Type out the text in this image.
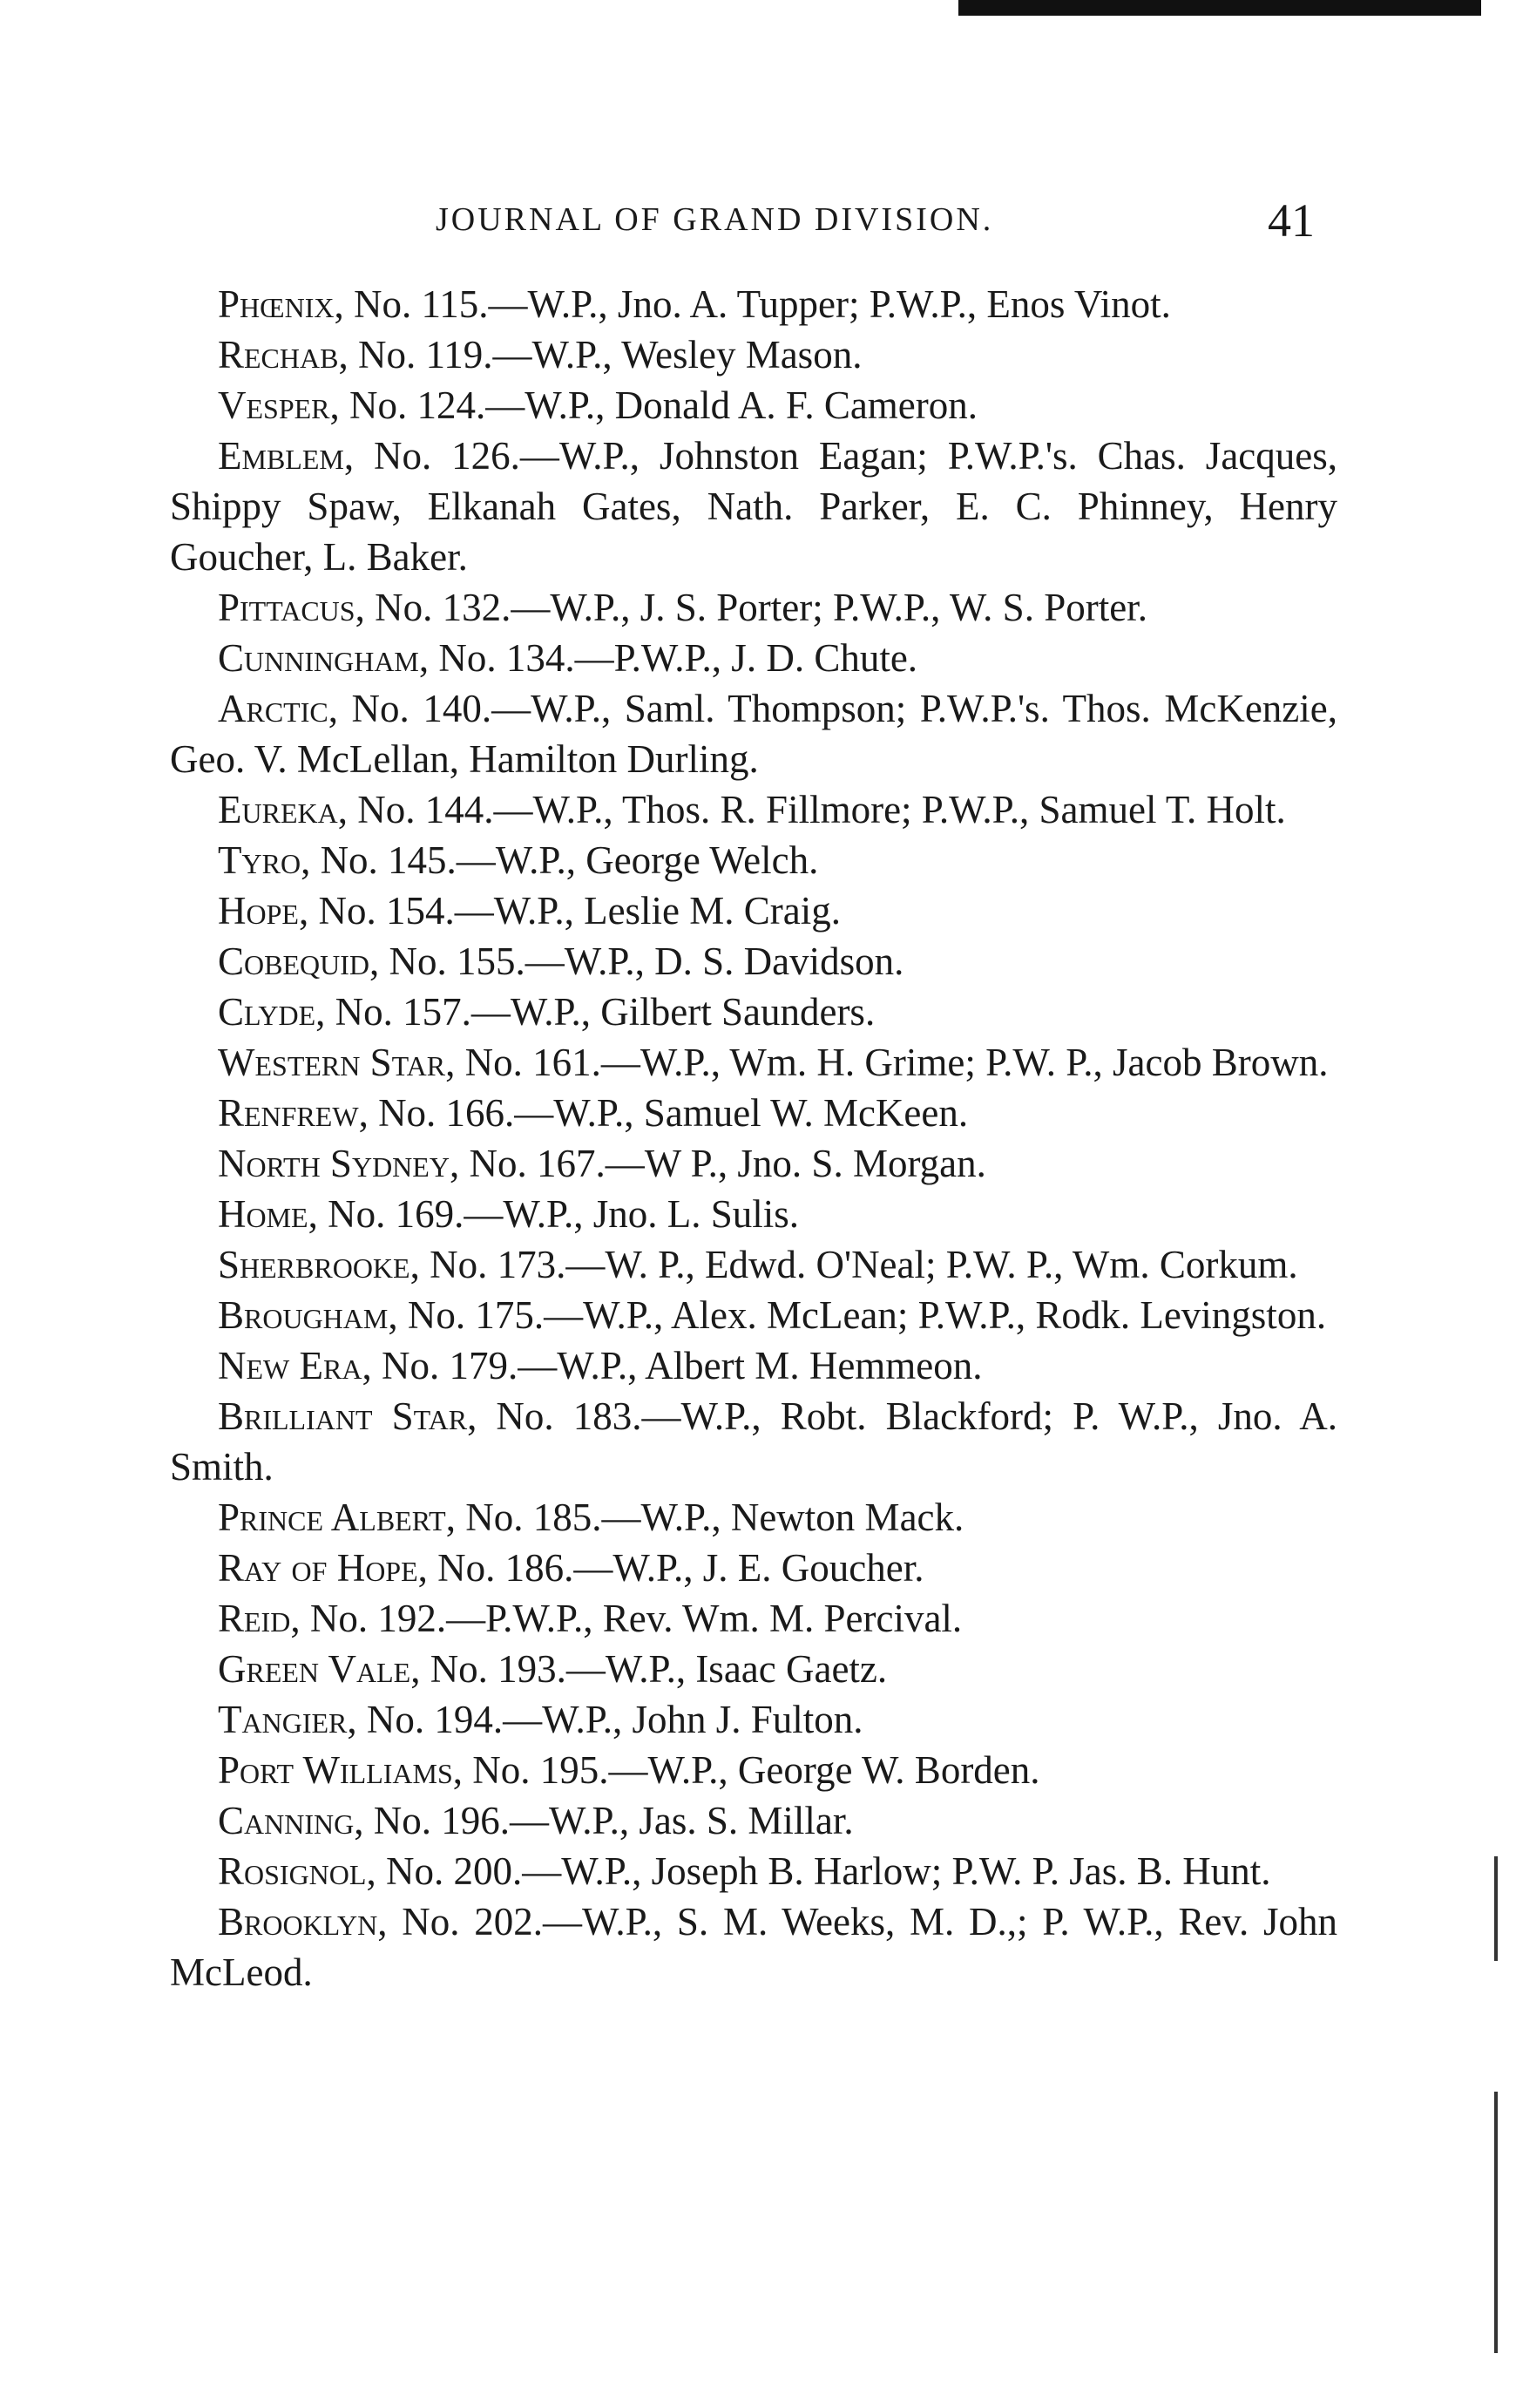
JOURNAL OF GRAND DIVISION.	41

Phœnix, No. 115.—W.P., Jno. A. Tupper; P.W.P., Enos Vinot.

Rechab, No. 119.—W.P., Wesley Mason.

Vesper, No. 124.—W.P., Donald A. F. Cameron.

Emblem, No. 126.—W.P., Johnston Eagan; P.W.P.'s. Chas. Jacques, Shippy Spaw, Elkanah Gates, Nath. Parker, E. C. Phinney, Henry Goucher, L. Baker.

Pittacus, No. 132.—W.P., J. S. Porter; P.W.P., W. S. Porter.

Cunningham, No. 134.—P.W.P., J. D. Chute.

Arctic, No. 140.—W.P., Saml. Thompson; P.W.P.'s. Thos. McKenzie, Geo. V. McLellan, Hamilton Durling.

Eureka, No. 144.—W.P., Thos. R. Fillmore; P.W.P., Samuel T. Holt.

Tyro, No. 145.—W.P., George Welch.

Hope, No. 154.—W.P., Leslie M. Craig.

Cobequid, No. 155.—W.P., D. S. Davidson.

Clyde, No. 157.—W.P., Gilbert Saunders.

Western Star, No. 161.—W.P., Wm. H. Grime; P.W. P., Jacob Brown.

Renfrew, No. 166.—W.P., Samuel W. McKeen.

North Sydney, No. 167.—W P., Jno. S. Morgan.

Home, No. 169.—W.P., Jno. L. Sulis.

Sherbrooke, No. 173.—W. P., Edwd. O'Neal; P.W. P., Wm. Corkum.

Brougham, No. 175.—W.P., Alex. McLean; P.W.P., Rodk. Levingston.

New Era, No. 179.—W.P., Albert M. Hemmeon.

Brilliant Star, No. 183.—W.P., Robt. Blackford; P. W.P., Jno. A. Smith.

Prince Albert, No. 185.—W.P., Newton Mack.

Ray of Hope, No. 186.—W.P., J. E. Goucher.

Reid, No. 192.—P.W.P., Rev. Wm. M. Percival.

Green Vale, No. 193.—W.P., Isaac Gaetz.

Tangier, No. 194.—W.P., John J. Fulton.

Port Williams, No. 195.—W.P., George W. Borden.

Canning, No. 196.—W.P., Jas. S. Millar.

Rosignol, No. 200.—W.P., Joseph B. Harlow; P.W. P. Jas. B. Hunt.

Brooklyn, No. 202.—W.P., S. M. Weeks, M. D.,; P. W.P., Rev. John McLeod.
